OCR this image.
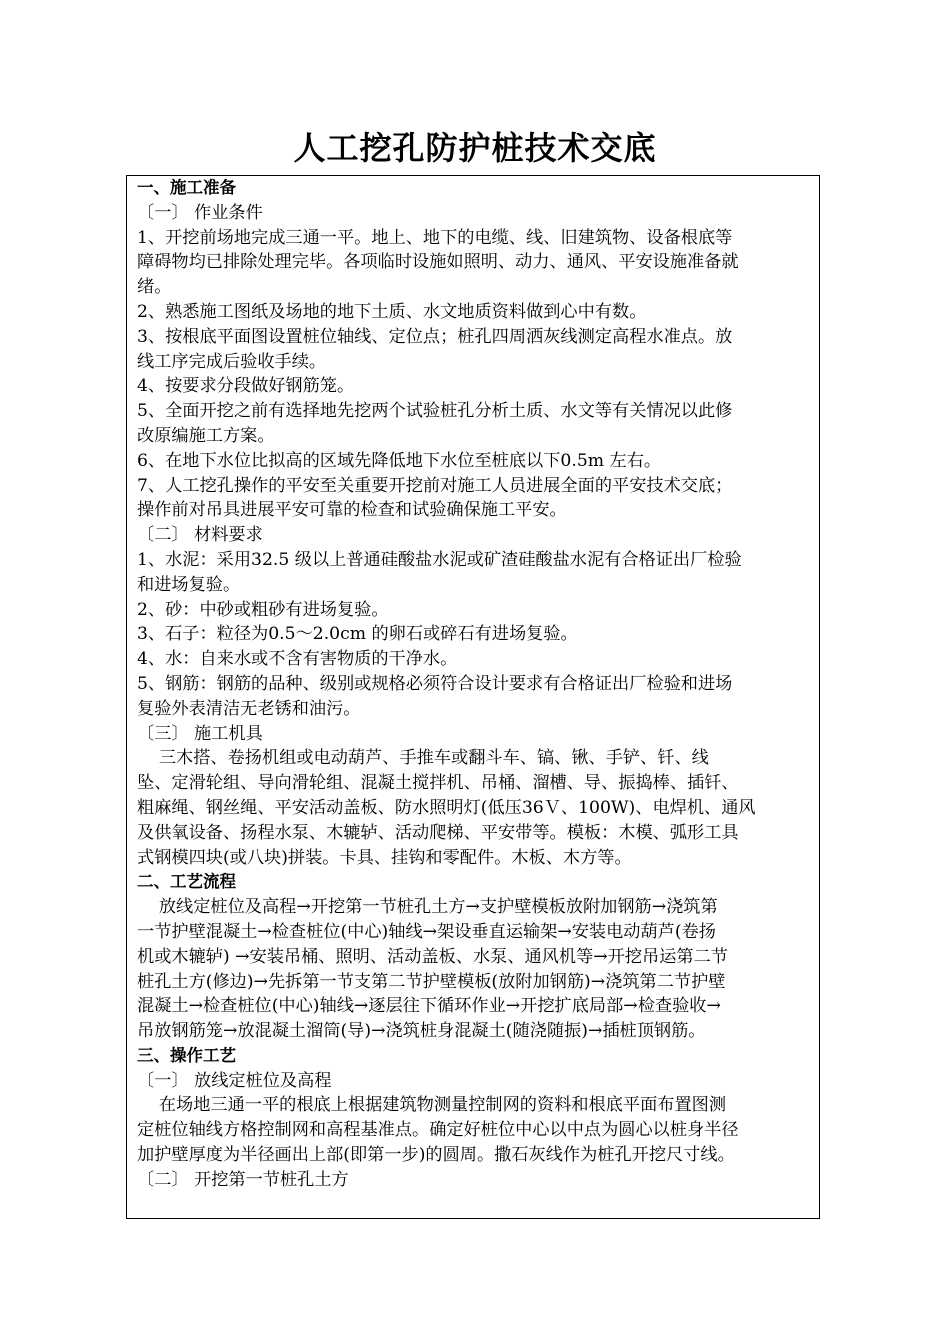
人工挖孔防护桩技术交底
一、施工准备
〔一〕 作业条件
1、开挖前场地完成三通一平。地上、地下的电缆、线、旧建筑物、设备根底等
障碍物均已排除处理完毕。各项临时设施如照明、动力、通风、平安设施准备就
绪。
2、熟悉施工图纸及场地的地下土质、水文地质资料做到心中有数。
3、按根底平面图设置桩位轴线、定位点；桩孔四周洒灰线测定高程水准点。放
线工序完成后验收手续。
4、按要求分段做好钢筋笼。
5、全面开挖之前有选择地先挖两个试验桩孔分析土质、水文等有关情况以此修
改原编施工方案。
6、在地下水位比拟高的区域先降低地下水位至桩底以下0.5m 左右。
7、人工挖孔操作的平安至关重要开挖前对施工人员进展全面的平安技术交底；
操作前对吊具进展平安可靠的检查和试验确保施工平安。
〔二〕 材料要求
1、水泥：采用32.5 级以上普通硅酸盐水泥或矿渣硅酸盐水泥有合格证出厂检验
和进场复验。
2、砂：中砂或粗砂有进场复验。
3、石子：粒径为0.5～2.0cm 的卵石或碎石有进场复验。
4、水：自来水或不含有害物质的干净水。
5、钢筋：钢筋的品种、级别或规格必须符合设计要求有合格证出厂检验和进场
复验外表清洁无老锈和油污。
〔三〕 施工机具
三木搭、卷扬机组或电动葫芦、手推车或翻斗车、镐、锹、手铲、钎、线
坠、定滑轮组、导向滑轮组、混凝土搅拌机、吊桶、溜槽、导、振捣棒、插钎、
粗麻绳、钢丝绳、平安活动盖板、防水照明灯(低压36Ｖ、100W)、电焊机、通风
及供氧设备、扬程水泵、木辘轳、活动爬梯、平安带等。模板：木模、弧形工具
式钢模四块(或八块)拼装。卡具、挂钩和零配件。木板、木方等。
二、工艺流程
放线定桩位及高程→开挖第一节桩孔土方→支护壁模板放附加钢筋→浇筑第
一节护壁混凝土→检查桩位(中心)轴线→架设垂直运输架→安装电动葫芦(卷扬
机或木辘轳) →安装吊桶、照明、活动盖板、水泵、通风机等→开挖吊运第二节
桩孔土方(修边)→先拆第一节支第二节护壁模板(放附加钢筋)→浇筑第二节护壁
混凝土→检查桩位(中心)轴线→逐层往下循环作业→开挖扩底局部→检查验收→
吊放钢筋笼→放混凝土溜筒(导)→浇筑桩身混凝土(随浇随振)→插桩顶钢筋。
三、操作工艺
〔一〕 放线定桩位及高程
在场地三通一平的根底上根据建筑物测量控制网的资料和根底平面布置图测
定桩位轴线方格控制网和高程基准点。确定好桩位中心以中点为圆心以桩身半径
加护壁厚度为半径画出上部(即第一步)的圆周。撒石灰线作为桩孔开挖尺寸线。
〔二〕 开挖第一节桩孔土方
